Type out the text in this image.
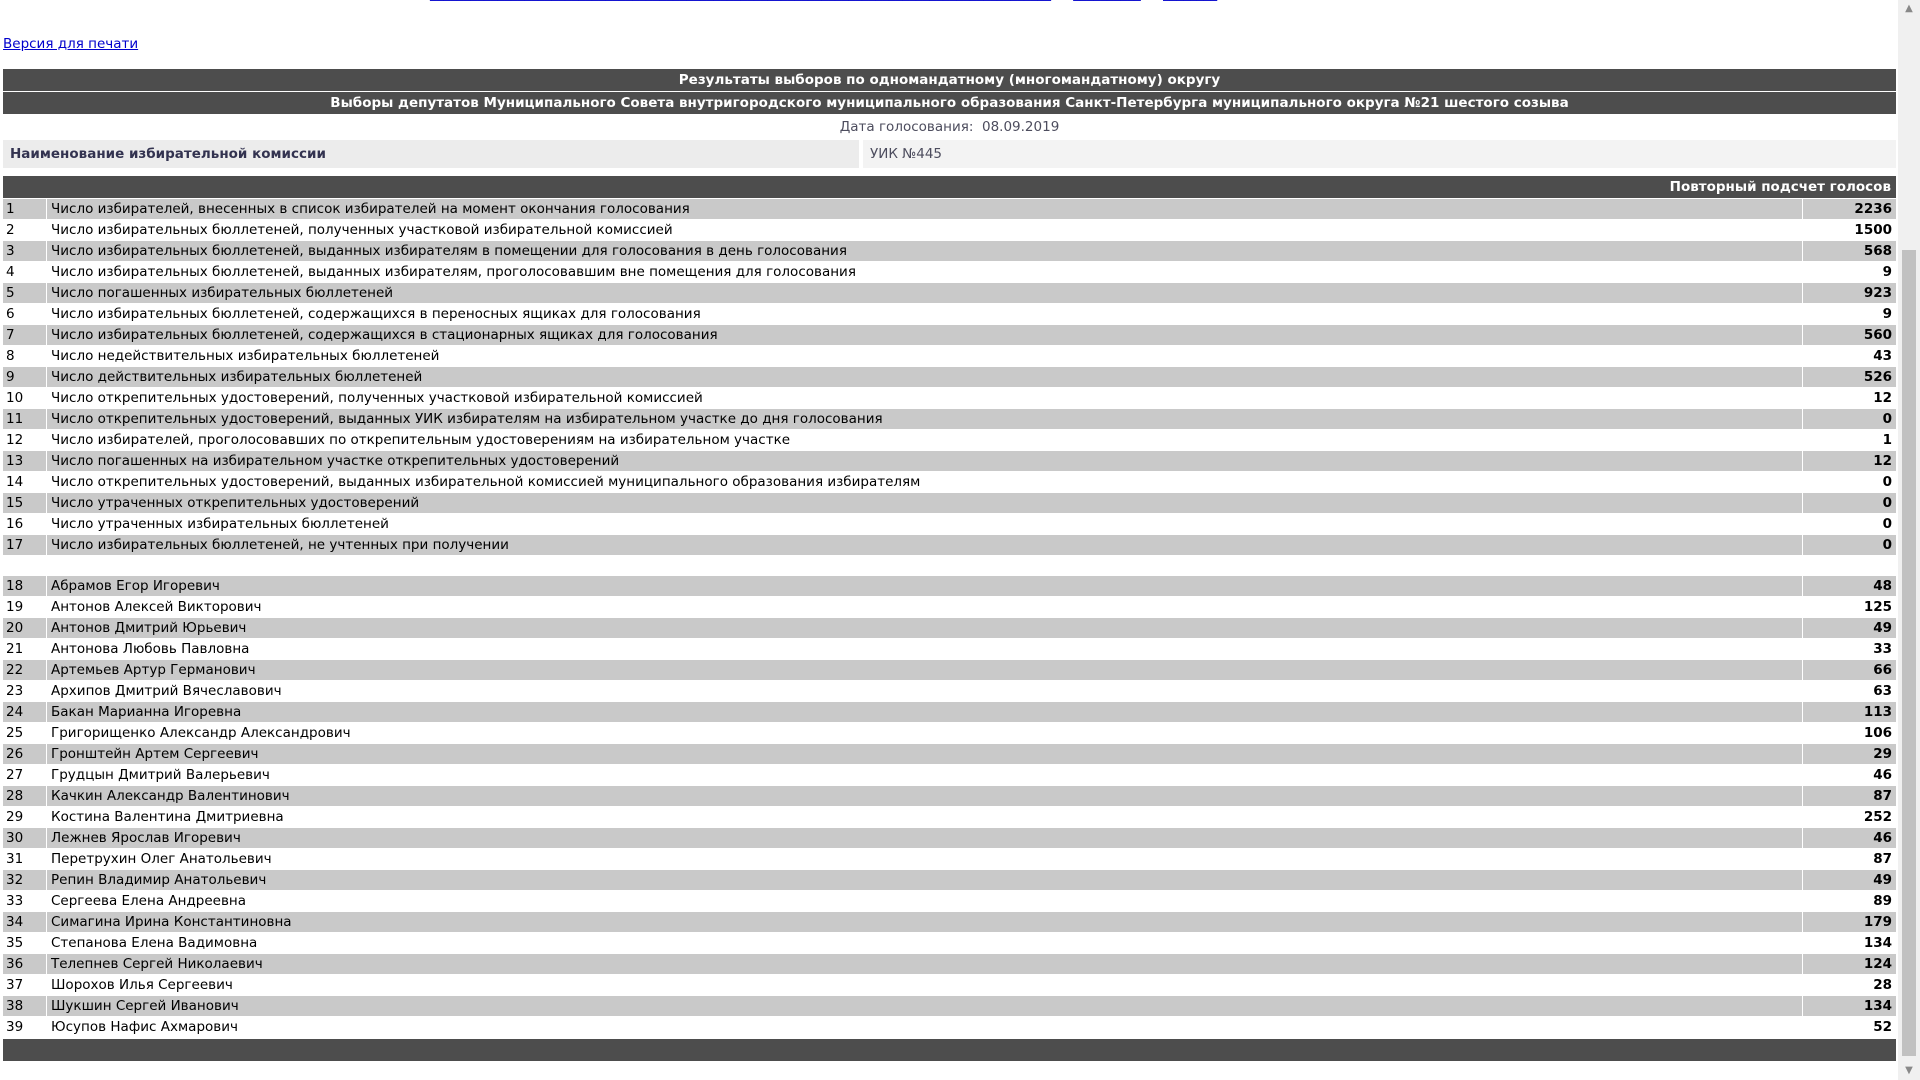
Версия для печати
Результаты выборов по одномандатному (многомандатному) округу
Выборы депутатов Муниципального Совета внутригородского муниципального образования Санкт-Петербурга муниципального округа №21 шестого созыва
Дата голосования: 08.09.2019
Наименование избирательной комиссии	УИК №445
Повторный подсчет голосов
1	Число избирателей, внесенных в список избирателей на момент окончания голосования	2236
2	Число избирательных бюллетеней, полученных участковой избирательной комиссией	1500
3	Число избирательных бюллетеней, выданных избирателям в помещении для голосования в день голосования	568
4	Число избирательных бюллетеней, выданных избирателям, проголосовавшим вне помещения для голосования	9
5	Число погашенных избирательных бюллетеней	923
6	Число избирательных бюллетеней, содержащихся в переносных ящиках для голосования	9
7	Число избирательных бюллетеней, содержащихся в стационарных ящиках для голосования	560
8	Число недействительных избирательных бюллетеней	43
9	Число действительных избирательных бюллетеней	526
10	Число открепительных удостоверений, полученных участковой избирательной комиссией	12
11	Число открепительных удостоверений, выданных УИК избирателям на избирательном участке до дня голосования	0
12	Число избирателей, проголосовавших по открепительным удостоверениям на избирательном участке	1
13	Число погашенных на избирательном участке открепительных удостоверений	12
14	Число открепительных удостоверений, выданных избирательной комиссией муниципального образования избирателям	0
15	Число утраченных открепительных удостоверений	0
16	Число утраченных избирательных бюллетеней	0
17	Число избирательных бюллетеней, не учтенных при получении	0
18	Абрамов Егор Игоревич	48
19	Антонов Алексей Викторович	125
20	Антонов Дмитрий Юрьевич	49
21	Антонова Любовь Павловна	33
22	Артемьев Артур Германович	66
23	Архипов Дмитрий Вячеславович	63
24	Бакан Марианна Игоревна	113
25	Григорищенко Александр Александрович	106
26	Гронштейн Артем Сергеевич	29
27	Грудцын Дмитрий Валерьевич	46
28	Качкин Александр Валентинович	87
29	Костина Валентина Дмитриевна	252
30	Лежнев Ярослав Игоревич	46
31	Перетрухин Олег Анатольевич	87
32	Репин Владимир Анатольевич	49
33	Сергеева Елена Андреевна	89
34	Симагина Ирина Константиновна	179
35	Степанова Елена Вадимовна	134
36	Телепнев Сергей Николаевич	124
37	Шорохов Илья Сергеевич	28
38	Шукшин Сергей Иванович	134
39	Юсупов Нафис Ахмарович	52
▲
▼
